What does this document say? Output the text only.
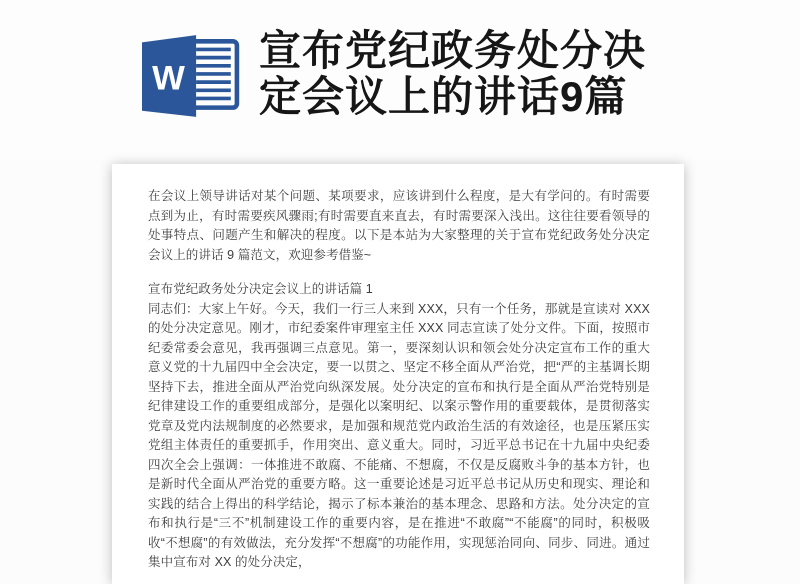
W
宣布党纪政务处分决
定会议上的讲话9篇

在会议上领导讲话对某个问题、某项要求，应该讲到什么程度，是大有学问的。有时需要点到为止，有时需要疾风骤雨;有时需要直来直去，有时需要深入浅出。这往往要看领导的处事特点、问题产生和解决的程度。以下是本站为大家整理的关于宣布党纪政务处分决定会议上的讲话 9 篇范文，欢迎参考借鉴~

宣布党纪政务处分决定会议上的讲话篇 1

同志们：大家上午好。今天，我们一行三人来到 XXX，只有一个任务，那就是宣读对 XXX 的处分决定意见。刚才，市纪委案件审理室主任 XXX 同志宣读了处分文件。下面，按照市纪委常委会意见，我再强调三点意见。第一，要深刻认识和领会处分决定宣布工作的重大意义党的十九届四中全会决定，要一以贯之、坚定不移全面从严治党，把“严的主基调长期坚持下去，推进全面从严治党向纵深发展。处分决定的宣布和执行是全面从严治党特别是纪律建设工作的重要组成部分，是强化以案明纪、以案示警作用的重要载体，是贯彻落实党章及党内法规制度的必然要求，是加强和规范党内政治生活的有效途径，也是压紧压实党组主体责任的重要抓手，作用突出、意义重大。同时，习近平总书记在十九届中央纪委四次全会上强调：一体推进不敢腐、不能痛、不想腐，不仅是反腐败斗争的基本方针，也是新时代全面从严治党的重要方略。这一重要论述是习近平总书记从历史和现实、理论和实践的结合上得出的科学结论，揭示了标本兼治的基本理念、思路和方法。处分决定的宣布和执行是“三不”机制建设工作的重要内容，是在推进“不敢腐”“不能腐”的同时，积极吸收“不想腐”的有效做法，充分发挥“不想腐”的功能作用，实现惩治同向、同步、同进。通过集中宣布对 XX 的处分决定，
